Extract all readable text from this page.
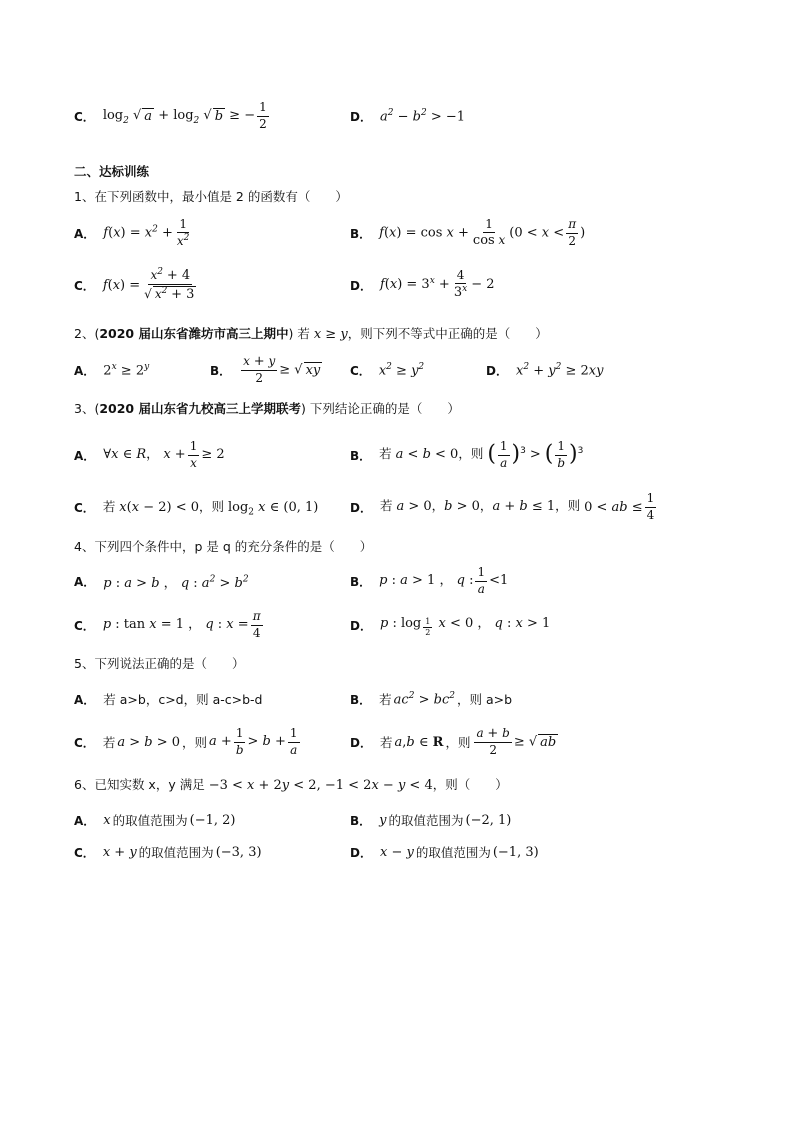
C． $\log_2$ √ $a + \log_2$ √ b ≥ − $\frac{1}{2}$	D． $a^2 - b^2 > -1$
二、达标训练
1、在下列函数中，最小值是 2 的函数有（　　）
A． $f(x) = x^2 + \frac{1}{x^2}$	B． $f(x) = \cos x + \frac{1}{\text{cos x}} (0 < x < \frac{\pi}{2}$ )
C． $f(x) = \frac{x^2 + 4}{√ x^2 + 3}$	D． $f(x) = 3^x + \frac{4}{3^x} - 2$
2、(2020 届山东省潍坊市高三上期中) 若 x ≥ y，则下列不等式中正确的是（　　）
A． $2^x \ge 2^y$	B． $\frac{x + y}{2}$ ≥ √ xy C． $x^2 \ge y^2$	D． $x^2 + y^2 \ge 2xy$
3、(2020 届山东省九校高三上学期联考) 下列结论正确的是（　　）
A． ∀x ∈ R， $x + \frac{1}{x} \ge 2$	B． 若 a < b < 0，则 ( $\frac{1}{a} )^3$ > ( $\frac{1}{b} )^3$
C． 若 x(x − 2) < 0，则 $\log_2 x$ ∈ (0, 1)	D． 若 a > 0，b > 0，a + b ≤ 1，则 0 < ab ≤ $\frac{1}{4}$
4、下列四个条件中，p 是 q 的充分条件的是（　　）
A． p : a > b ， q : $a^2 > b^2$	B． p : a > 1 ， q : $\frac{1}{a} <1$
C． p : tan x = 1 ， q : $x = \frac{\pi}{4}$	D． p : log $_{\frac{1}{2}}$ x < 0 ， q : x > 1
5、下列说法正确的是（　　）
A． 若 a>b，c>d，则 a-c>b-d	B． 若 $ac^2 > bc^2$ ，则 a>b
C． 若 a > b > 0 ，则 $a + \frac{1}{b} > b + \frac{1}{a}$	D． 若 a,b ∈ R ，则 $\frac{a + b}{2}$ ≥ √ ab
6、已知实数 x，y 满足 −3 < x + 2y < 2, −1 < 2x − y < 4，则（　　）
A． x 的取值范围为 (−1, 2)	B． y 的取值范围为 (−2, 1)
C． x + y 的取值范围为 (−3, 3)	D． x − y 的取值范围为 (−1, 3)
